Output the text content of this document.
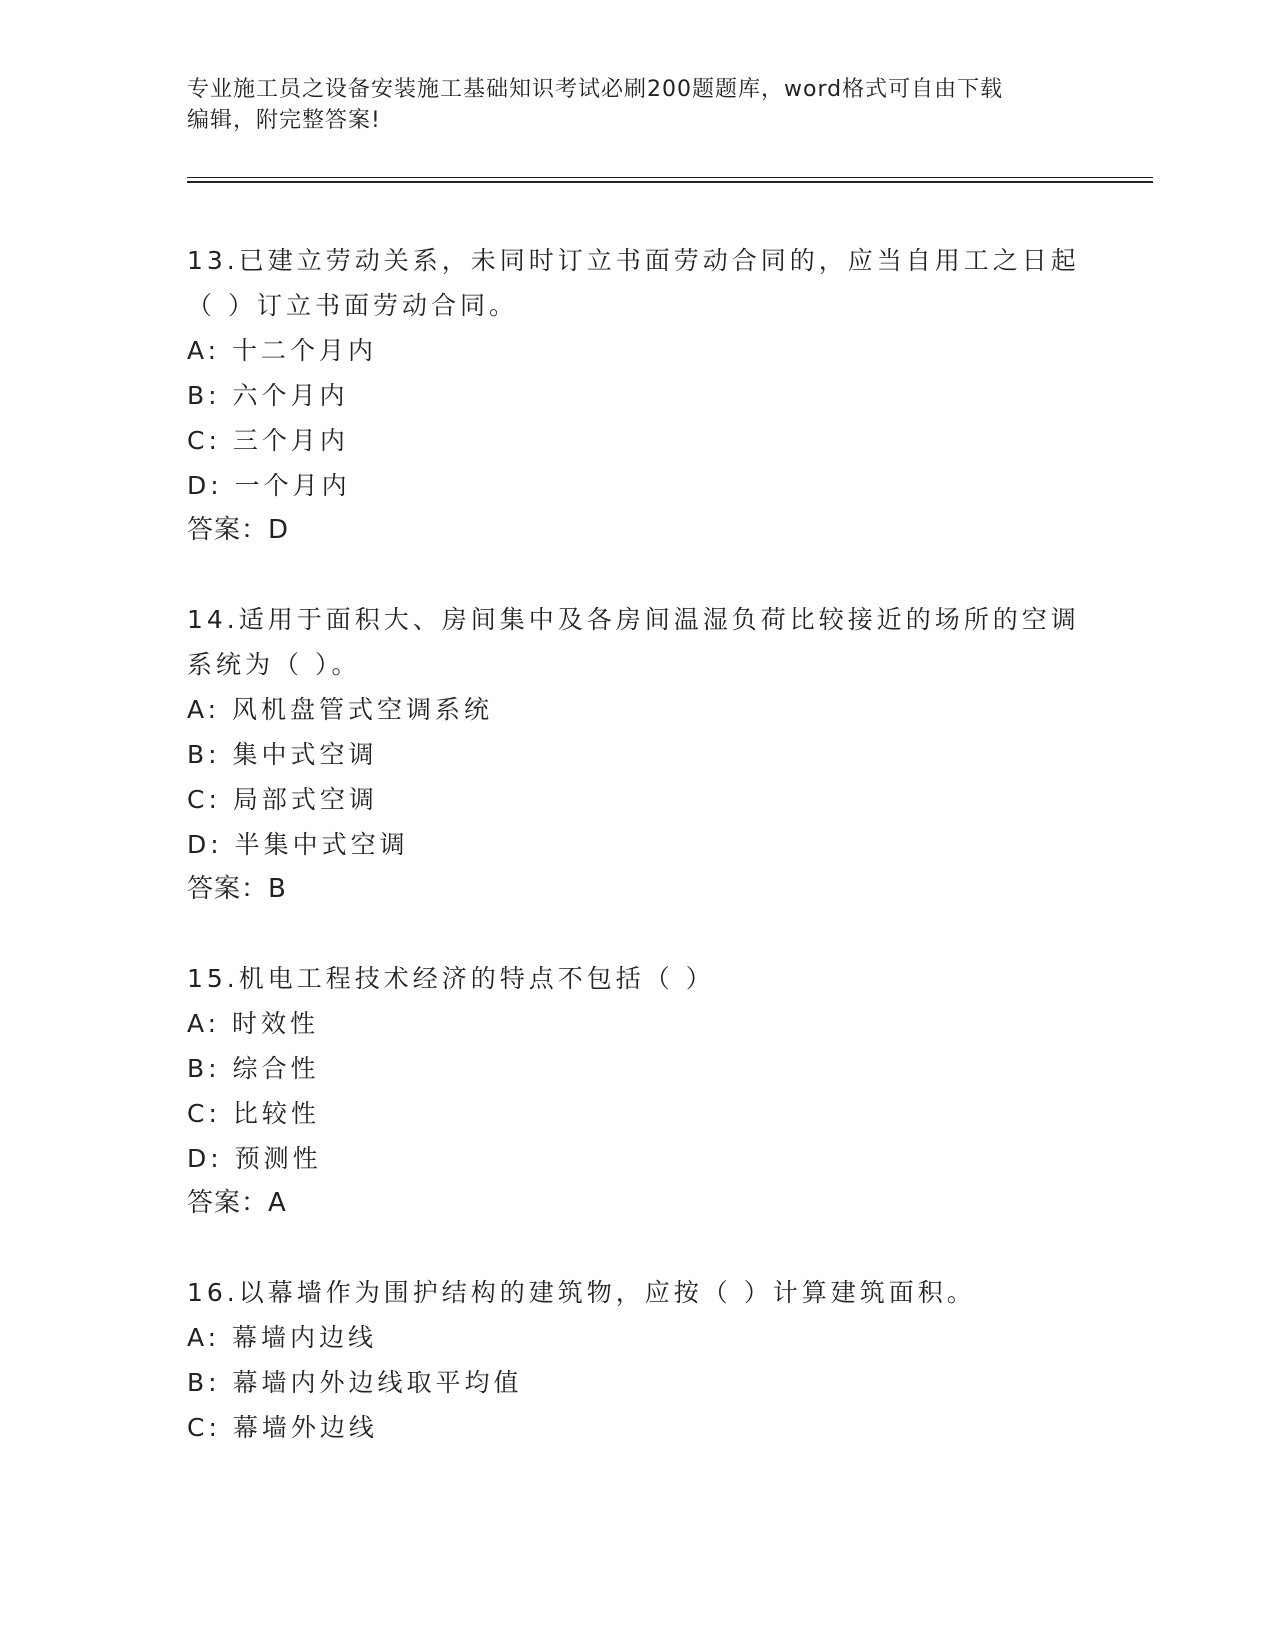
专业施工员之设备安装施工基础知识考试必刷200题题库，word格式可自由下载
编辑，附完整答案!
13.已建立劳动关系，未同时订立书面劳动合同的，应当自用工之日起
（ ）订立书面劳动合同。
A: 十二个月内
B: 六个月内
C: 三个月内
D: 一个月内
答案：D
14.适用于面积大、房间集中及各房间温湿负荷比较接近的场所的空调
系统为（ ）。
A: 风机盘管式空调系统
B: 集中式空调
C: 局部式空调
D: 半集中式空调
答案：B
15.机电工程技术经济的特点不包括（ ）
A: 时效性
B: 综合性
C: 比较性
D: 预测性
答案：A
16.以幕墙作为围护结构的建筑物，应按（ ）计算建筑面积。
A: 幕墙内边线
B: 幕墙内外边线取平均值
C: 幕墙外边线
